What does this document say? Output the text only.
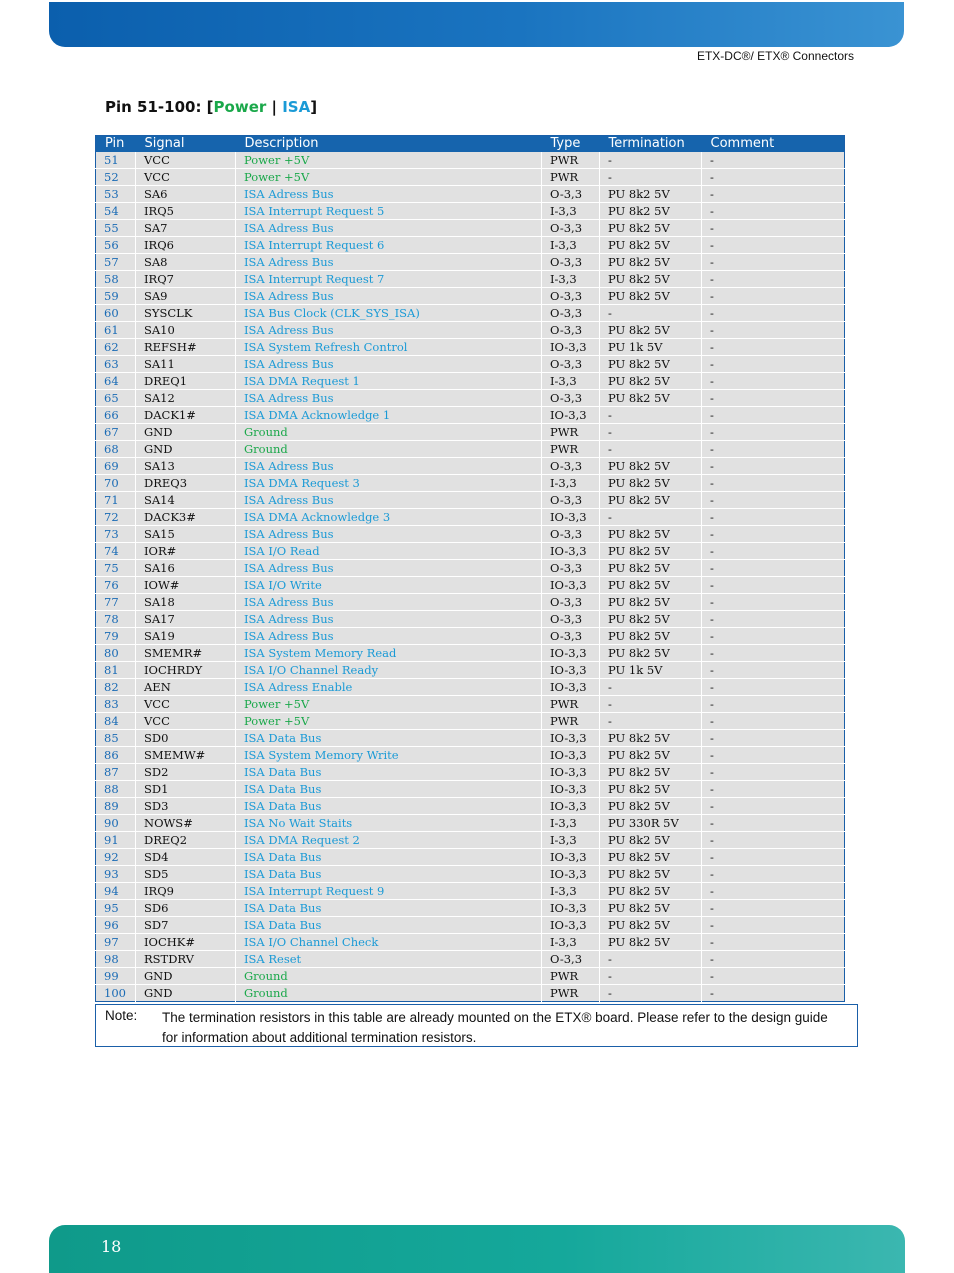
ETX-DC®/ ETX® Connectors
Pin 51-100: [Power | ISA]
Pin	Signal	Description	Type	Termination	Comment
51	VCC	Power +5V	PWR	-	-
52	VCC	Power +5V	PWR	-	-
53	SA6	ISA Adress Bus	O-3,3	PU 8k2 5V	-
54	IRQ5	ISA Interrupt Request 5	I-3,3	PU 8k2 5V	-
55	SA7	ISA Adress Bus	O-3,3	PU 8k2 5V	-
56	IRQ6	ISA Interrupt Request 6	I-3,3	PU 8k2 5V	-
57	SA8	ISA Adress Bus	O-3,3	PU 8k2 5V	-
58	IRQ7	ISA Interrupt Request 7	I-3,3	PU 8k2 5V	-
59	SA9	ISA Adress Bus	O-3,3	PU 8k2 5V	-
60	SYSCLK	ISA Bus Clock (CLK_SYS_ISA)	O-3,3	-	-
61	SA10	ISA Adress Bus	O-3,3	PU 8k2 5V	-
62	REFSH#	ISA System Refresh Control	IO-3,3	PU 1k 5V	-
63	SA11	ISA Adress Bus	O-3,3	PU 8k2 5V	-
64	DREQ1	ISA DMA Request 1	I-3,3	PU 8k2 5V	-
65	SA12	ISA Adress Bus	O-3,3	PU 8k2 5V	-
66	DACK1#	ISA DMA Acknowledge 1	IO-3,3	-	-
67	GND	Ground	PWR	-	-
68	GND	Ground	PWR	-	-
69	SA13	ISA Adress Bus	O-3,3	PU 8k2 5V	-
70	DREQ3	ISA DMA Request 3	I-3,3	PU 8k2 5V	-
71	SA14	ISA Adress Bus	O-3,3	PU 8k2 5V	-
72	DACK3#	ISA DMA Acknowledge 3	IO-3,3	-	-
73	SA15	ISA Adress Bus	O-3,3	PU 8k2 5V	-
74	IOR#	ISA I/O Read	IO-3,3	PU 8k2 5V	-
75	SA16	ISA Adress Bus	O-3,3	PU 8k2 5V	-
76	IOW#	ISA I/O Write	IO-3,3	PU 8k2 5V	-
77	SA18	ISA Adress Bus	O-3,3	PU 8k2 5V	-
78	SA17	ISA Adress Bus	O-3,3	PU 8k2 5V	-
79	SA19	ISA Adress Bus	O-3,3	PU 8k2 5V	-
80	SMEMR#	ISA System Memory Read	IO-3,3	PU 8k2 5V	-
81	IOCHRDY	ISA I/O Channel Ready	IO-3,3	PU 1k 5V	-
82	AEN	ISA Adress Enable	IO-3,3	-	-
83	VCC	Power +5V	PWR	-	-
84	VCC	Power +5V	PWR	-	-
85	SD0	ISA Data Bus	IO-3,3	PU 8k2 5V	-
86	SMEMW#	ISA System Memory Write	IO-3,3	PU 8k2 5V	-
87	SD2	ISA Data Bus	IO-3,3	PU 8k2 5V	-
88	SD1	ISA Data Bus	IO-3,3	PU 8k2 5V	-
89	SD3	ISA Data Bus	IO-3,3	PU 8k2 5V	-
90	NOWS#	ISA No Wait Staits	I-3,3	PU 330R 5V	-
91	DREQ2	ISA DMA Request 2	I-3,3	PU 8k2 5V	-
92	SD4	ISA Data Bus	IO-3,3	PU 8k2 5V	-
93	SD5	ISA Data Bus	IO-3,3	PU 8k2 5V	-
94	IRQ9	ISA Interrupt Request 9	I-3,3	PU 8k2 5V	-
95	SD6	ISA Data Bus	IO-3,3	PU 8k2 5V	-
96	SD7	ISA Data Bus	IO-3,3	PU 8k2 5V	-
97	IOCHK#	ISA I/O Channel Check	I-3,3	PU 8k2 5V	-
98	RSTDRV	ISA Reset	O-3,3	-	-
99	GND	Ground	PWR	-	-
100	GND	Ground	PWR	-	-
Note: The termination resistors in this table are already mounted on the ETX® board. Please refer to the design guide for information about additional termination resistors.
18
